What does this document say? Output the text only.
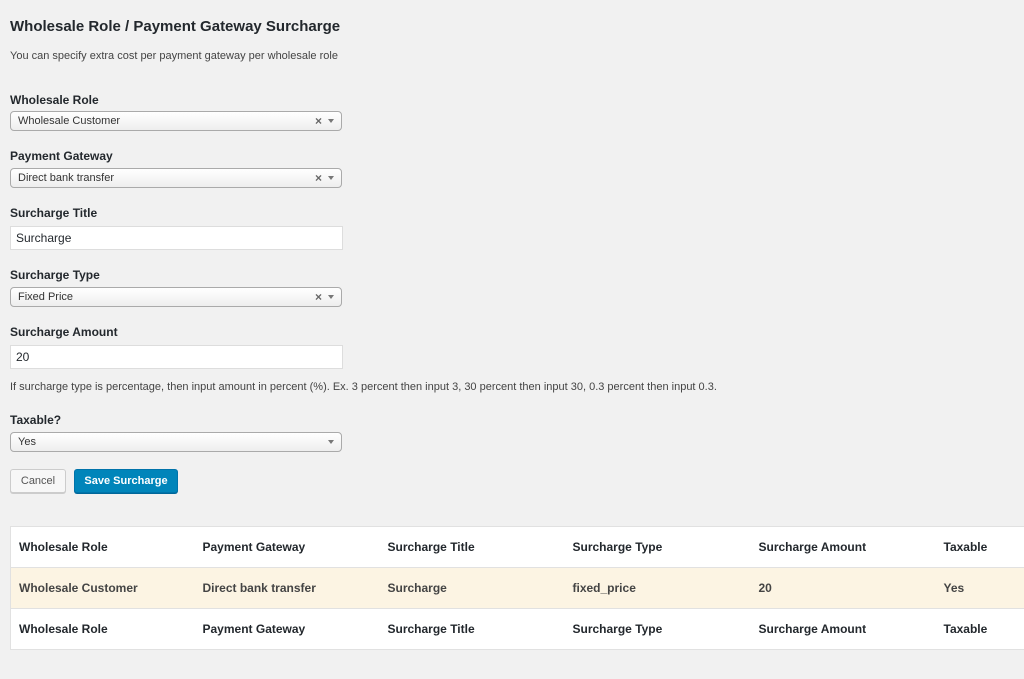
Wholesale Role / Payment Gateway Surcharge

You can specify extra cost per payment gateway per wholesale role

Wholesale Role

Wholesale Customer	×

Payment Gateway

Direct bank transfer	×

Surcharge Title

Surcharge

Surcharge Type

Fixed Price	×

Surcharge Amount

20

If surcharge type is percentage, then input amount in percent (%). Ex. 3 percent then input 3, 30 percent then input 30, 0.3 percent then input 0.3.

Taxable?

Yes
Cancel	Save Surcharge
Wholesale Role	Payment Gateway	Surcharge Title	Surcharge Type	Surcharge Amount	Taxable
Wholesale Customer	Direct bank transfer	Surcharge	fixed_price	20	Yes
Wholesale Role	Payment Gateway	Surcharge Title	Surcharge Type	Surcharge Amount	Taxable
